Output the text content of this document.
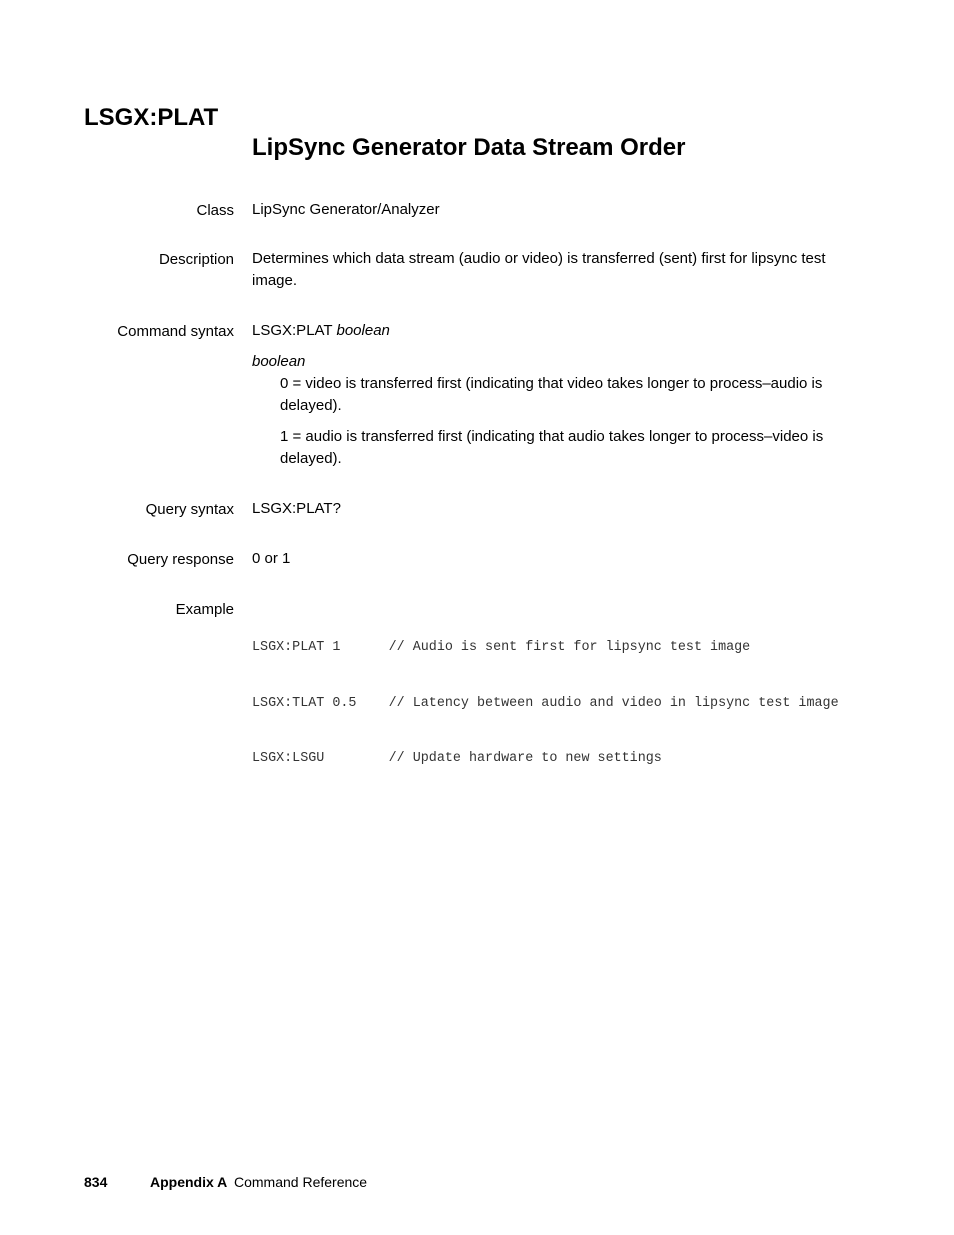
LSGX:PLAT
LipSync Generator Data Stream Order
Class LipSync Generator/Analyzer
Description Determines which data stream (audio or video) is transferred (sent) first for lipsync test image.
Command syntax LSGX:PLAT boolean
boolean
0 = video is transferred first (indicating that video takes longer to process–audio is delayed).
1 = audio is transferred first (indicating that audio takes longer to process–video is delayed).
Query syntax LSGX:PLAT?
Query response 0 or 1
Example

LSGX:PLAT 1      // Audio is sent first for lipsync test image

LSGX:TLAT 0.5    // Latency between audio and video in lipsync test image

LSGX:LSGU        // Update hardware to new settings

834	Appendix A Command Reference
